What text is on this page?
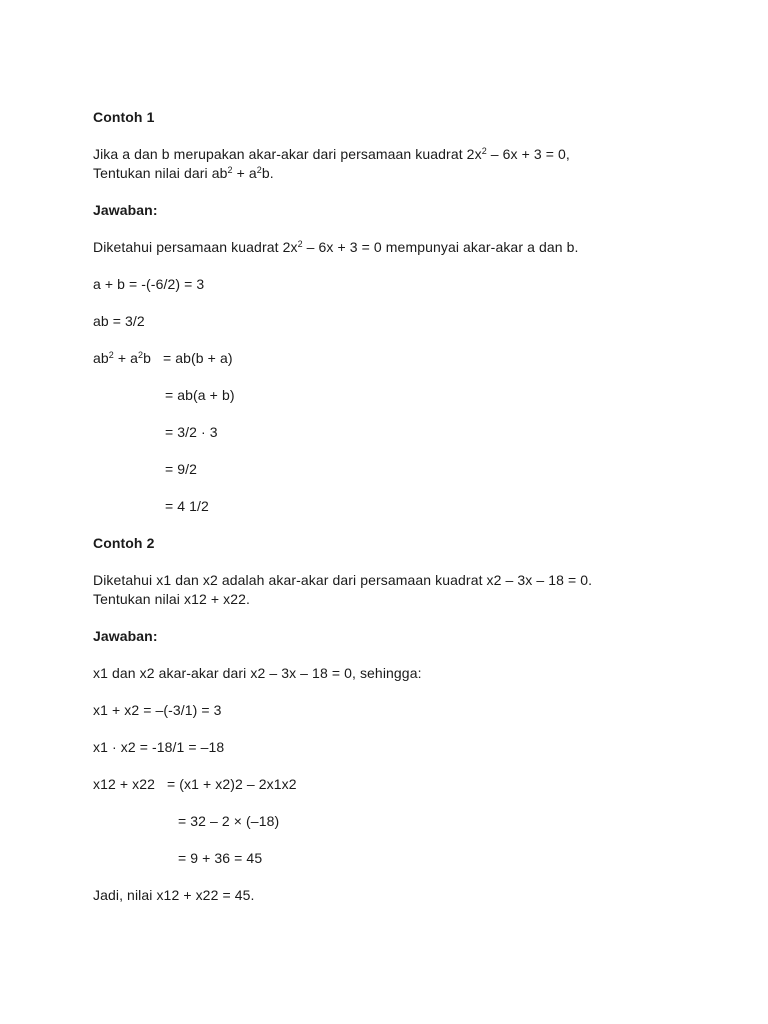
Contoh 1
Jika a dan b merupakan akar-akar dari persamaan kuadrat $2x^2 - 6x + 3 = 0$,
Tentukan nilai dari $ab^2 + a^2b$.
Jawaban:
Diketahui persamaan kuadrat $2x^2 - 6x + 3 = 0$ mempunyai akar-akar a dan b.
a + b = -(-6/2) = 3
ab = 3/2
$ab^2 + a^2b = ab(b + a)$
= ab(a + b)
= 3/2 · 3
= 9/2
= 4 1/2
Contoh 2
Diketahui x1 dan x2 adalah akar-akar dari persamaan kuadrat x2 – 3x – 18 = 0.
Tentukan nilai x12 + x22.
Jawaban:
x1 dan x2 akar-akar dari x2 – 3x – 18 = 0, sehingga:
x1 + x2 = –(-3/1) = 3
x1 · x2 = -18/1 = –18
x12 + x22   = (x1 + x2)2 – 2x1x2
= 32 – 2 × (–18)
= 9 + 36 = 45
Jadi, nilai x12 + x22 = 45.
